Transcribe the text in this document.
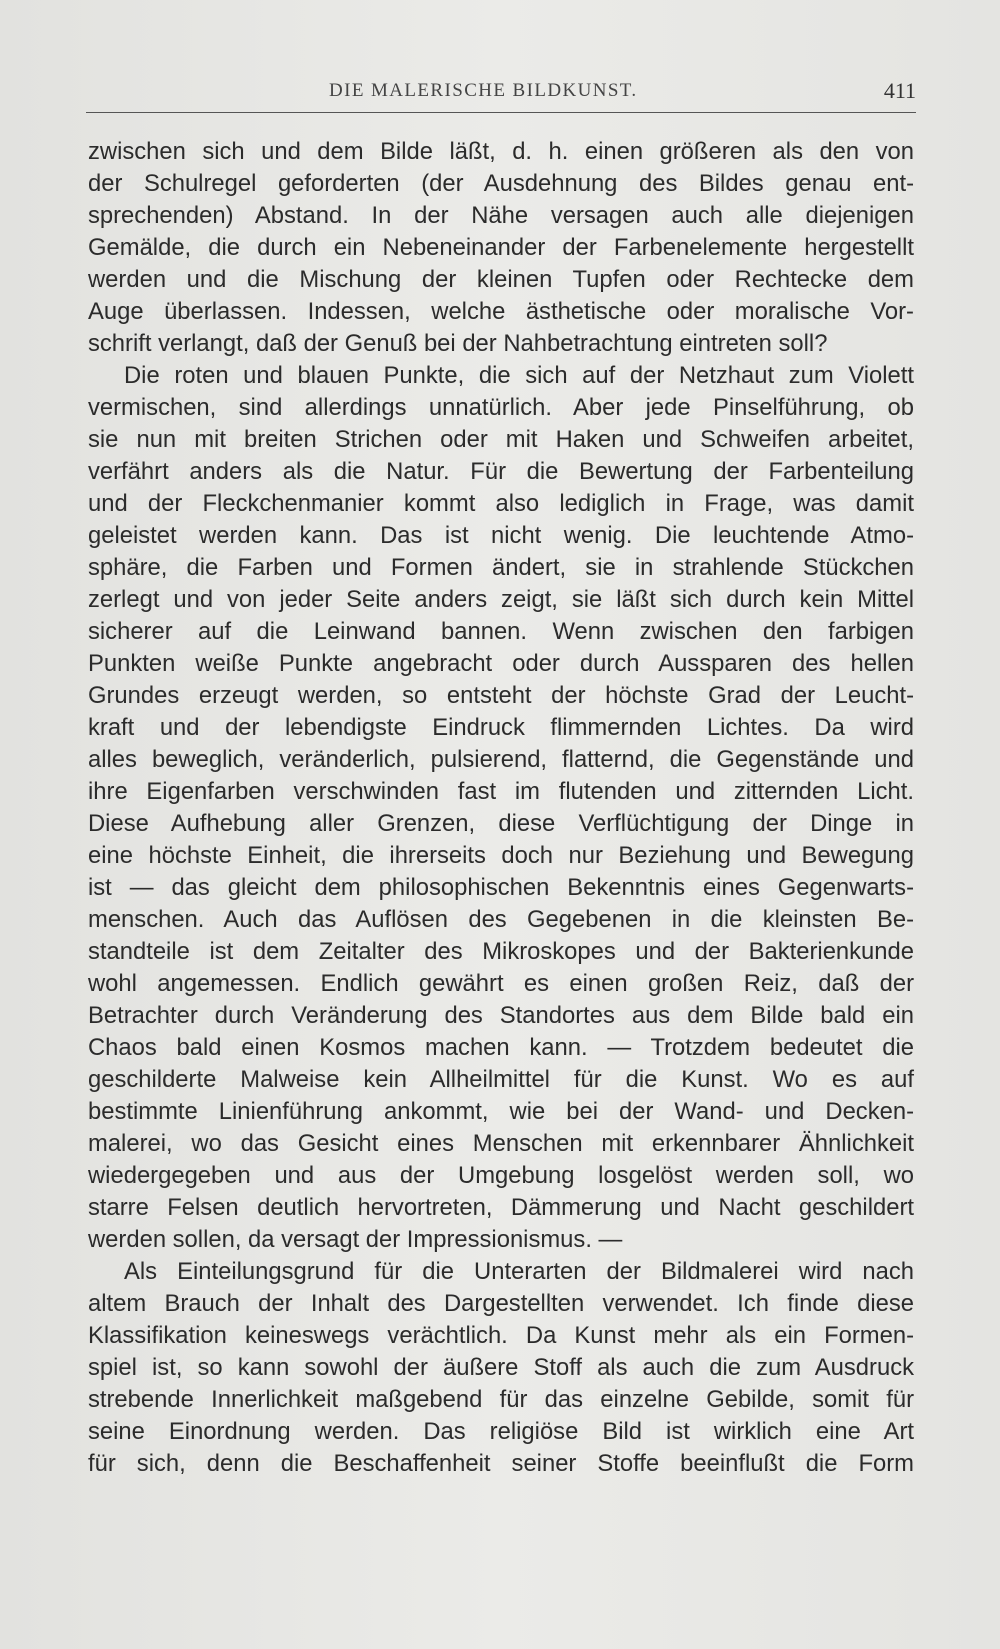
DIE MALERISCHE BILDKUNST.	411
zwischen sich und dem Bilde läßt, d. h. einen größeren als den von
der Schulregel geforderten (der Ausdehnung des Bildes genau ent-
sprechenden) Abstand. In der Nähe versagen auch alle diejenigen
Gemälde, die durch ein Nebeneinander der Farbenelemente hergestellt
werden und die Mischung der kleinen Tupfen oder Rechtecke dem
Auge überlassen. Indessen, welche ästhetische oder moralische Vor-
schrift verlangt, daß der Genuß bei der Nahbetrachtung eintreten soll?
Die roten und blauen Punkte, die sich auf der Netzhaut zum Violett
vermischen, sind allerdings unnatürlich. Aber jede Pinselführung, ob
sie nun mit breiten Strichen oder mit Haken und Schweifen arbeitet,
verfährt anders als die Natur. Für die Bewertung der Farbenteilung
und der Fleckchenmanier kommt also lediglich in Frage, was damit
geleistet werden kann. Das ist nicht wenig. Die leuchtende Atmo-
sphäre, die Farben und Formen ändert, sie in strahlende Stückchen
zerlegt und von jeder Seite anders zeigt, sie läßt sich durch kein Mittel
sicherer auf die Leinwand bannen. Wenn zwischen den farbigen
Punkten weiße Punkte angebracht oder durch Aussparen des hellen
Grundes erzeugt werden, so entsteht der höchste Grad der Leucht-
kraft und der lebendigste Eindruck flimmernden Lichtes. Da wird
alles beweglich, veränderlich, pulsierend, flatternd, die Gegenstände und
ihre Eigenfarben verschwinden fast im flutenden und zitternden Licht.
Diese Aufhebung aller Grenzen, diese Verflüchtigung der Dinge in
eine höchste Einheit, die ihrerseits doch nur Beziehung und Bewegung
ist — das gleicht dem philosophischen Bekenntnis eines Gegenwarts-
menschen. Auch das Auflösen des Gegebenen in die kleinsten Be-
standteile ist dem Zeitalter des Mikroskopes und der Bakterienkunde
wohl angemessen. Endlich gewährt es einen großen Reiz, daß der
Betrachter durch Veränderung des Standortes aus dem Bilde bald ein
Chaos bald einen Kosmos machen kann. — Trotzdem bedeutet die
geschilderte Malweise kein Allheilmittel für die Kunst. Wo es auf
bestimmte Linienführung ankommt, wie bei der Wand- und Decken-
malerei, wo das Gesicht eines Menschen mit erkennbarer Ähnlichkeit
wiedergegeben und aus der Umgebung losgelöst werden soll, wo
starre Felsen deutlich hervortreten, Dämmerung und Nacht geschildert
werden sollen, da versagt der Impressionismus. —
Als Einteilungsgrund für die Unterarten der Bildmalerei wird nach
altem Brauch der Inhalt des Dargestellten verwendet. Ich finde diese
Klassifikation keineswegs verächtlich. Da Kunst mehr als ein Formen-
spiel ist, so kann sowohl der äußere Stoff als auch die zum Ausdruck
strebende Innerlichkeit maßgebend für das einzelne Gebilde, somit für
seine Einordnung werden. Das religiöse Bild ist wirklich eine Art
für sich, denn die Beschaffenheit seiner Stoffe beeinflußt die Form
